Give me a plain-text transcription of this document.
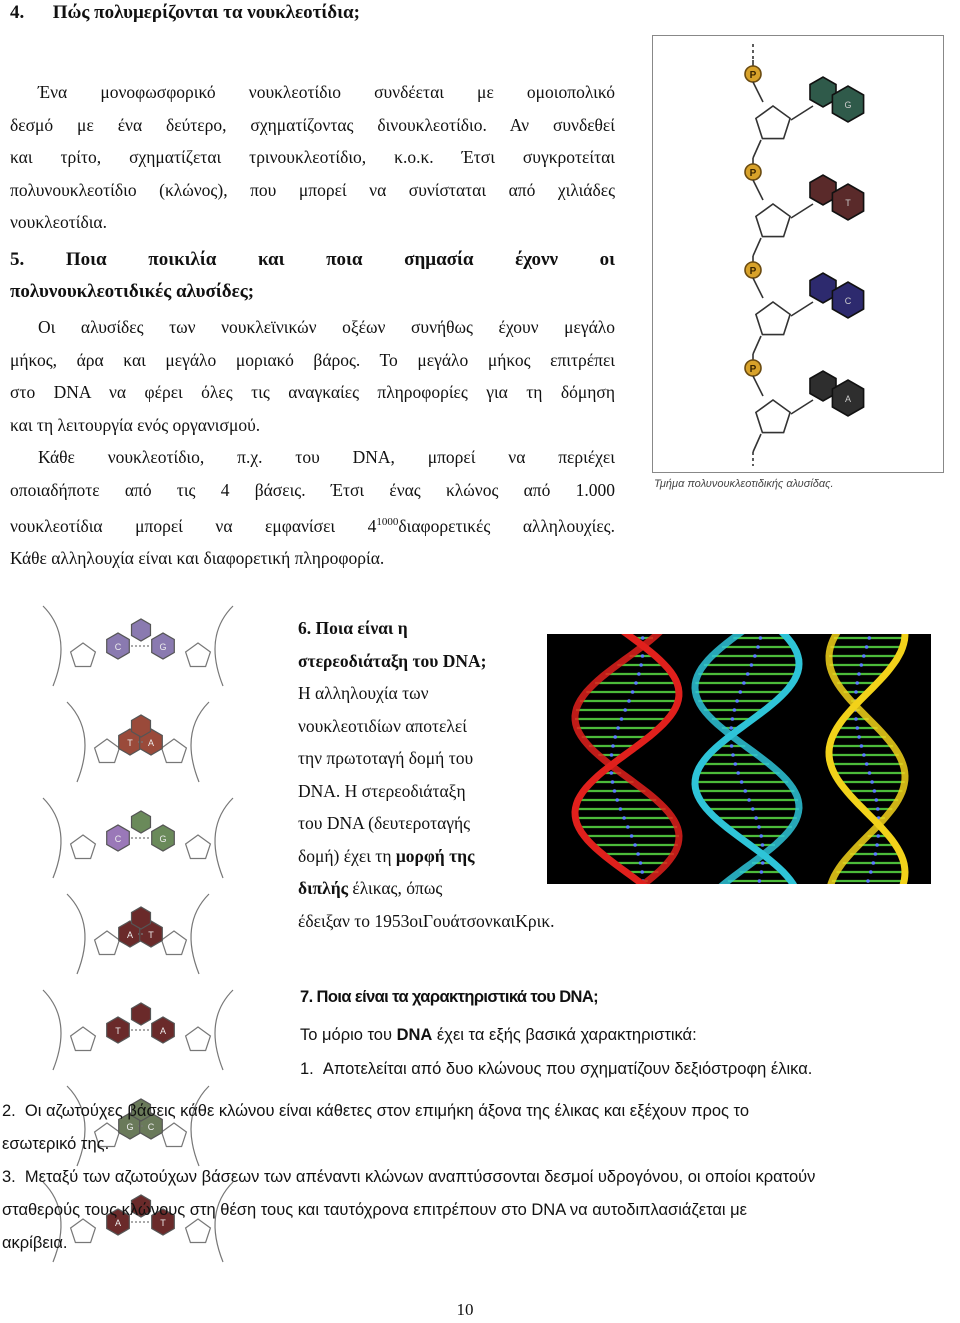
4.      Πώς πολυμερίζονται τα νουκλεοτίδια;
Ένα μονοφωσφορικό νουκλεοτίδιο συνδέεται με ομοιοπολικό
δεσμό με ένα δεύτερο, σχηματίζοντας δινουκλεοτίδιο. Αν συνδεθεί
και τρίτο, σχηματίζεται τρινουκλεοτίδιο, κ.ο.κ. Έτσι συγκροτείται
πολυνουκλεοτίδιο (κλώνος), που μπορεί να συνίσταται από χιλιάδες
νουκλεοτίδια.
5. Ποια ποικιλία και ποια σημασία έχονν οι
πολυνουκλεοτιδικές αλυσίδες;
Οι αλυσίδες των νουκλεϊνικών οξέων συνήθως έχουν μεγάλο
μήκος, άρα και μεγάλο μοριακό βάρος. Το μεγάλο μήκος επιτρέπει
στο DNA να φέρει όλες τις αναγκαίες πληροφορίες για τη δόμηση
και τη λειτουργία ενός οργανισμού.
Κάθε νουκλεοτίδιο, π.χ. του DNA, μπορεί να περιέχει
οποιαδήποτε από τις 4 βάσεις. Έτσι ένας κλώνος από 1.000
νουκλεοτίδια μπορεί να εμφανίσει $4^{1000}\delta\iota\alpha\varphi o\rho\varepsilon\tau\iota\kappa έ\varsigma$ αλληλουχίες.
Κάθε αλληλουχία είναι και διαφορετική πληροφορία.
P
G
P
T
P
C
P
A
Τμήμα πολυνουκλεοτιδικής αλυσίδας.
C	G
T A
C	G
A T
T	A
G C
A	T
6. Ποια είναι η
στερεοδιάταξη του DNA;
Η αλληλουχία των
νουκλεοτιδίων αποτελεί
την πρωτοταγή δομή του
DNA. Η στερεοδιάταξη
του DNA (δευτεροταγής
δομή) έχει τη μορφή της
διπλής έλικας, όπως
έδειξαν το 1953οιΓουάτσονκαιΚρικ.
7. Ποια είναι τα χαρακτηριστικά του DNA;
Το μόριο του DNA έχει τα εξής βασικά χαρακτηριστικά:
1.  Αποτελείται από δυο κλώνους που σχηματίζουν δεξιόστροφη έλικα.
2.  Οι αζωτούχες βάσεις κάθε κλώνου είναι κάθετες στον επιμήκη άξονα της έλικας και εξέχουν προς το
εσωτερικό της.
3.  Μεταξύ των αζωτούχων βάσεων των απέναντι κλώνων αναπτύσσονται δεσμοί υδρογόνου, οι οποίοι κρατούν
σταθερούς τους κλώνους στη θέση τους και ταυτόχρονα επιτρέπουν στο DNA να αυτοδιπλασιάζεται με
ακρίβεια.
10
